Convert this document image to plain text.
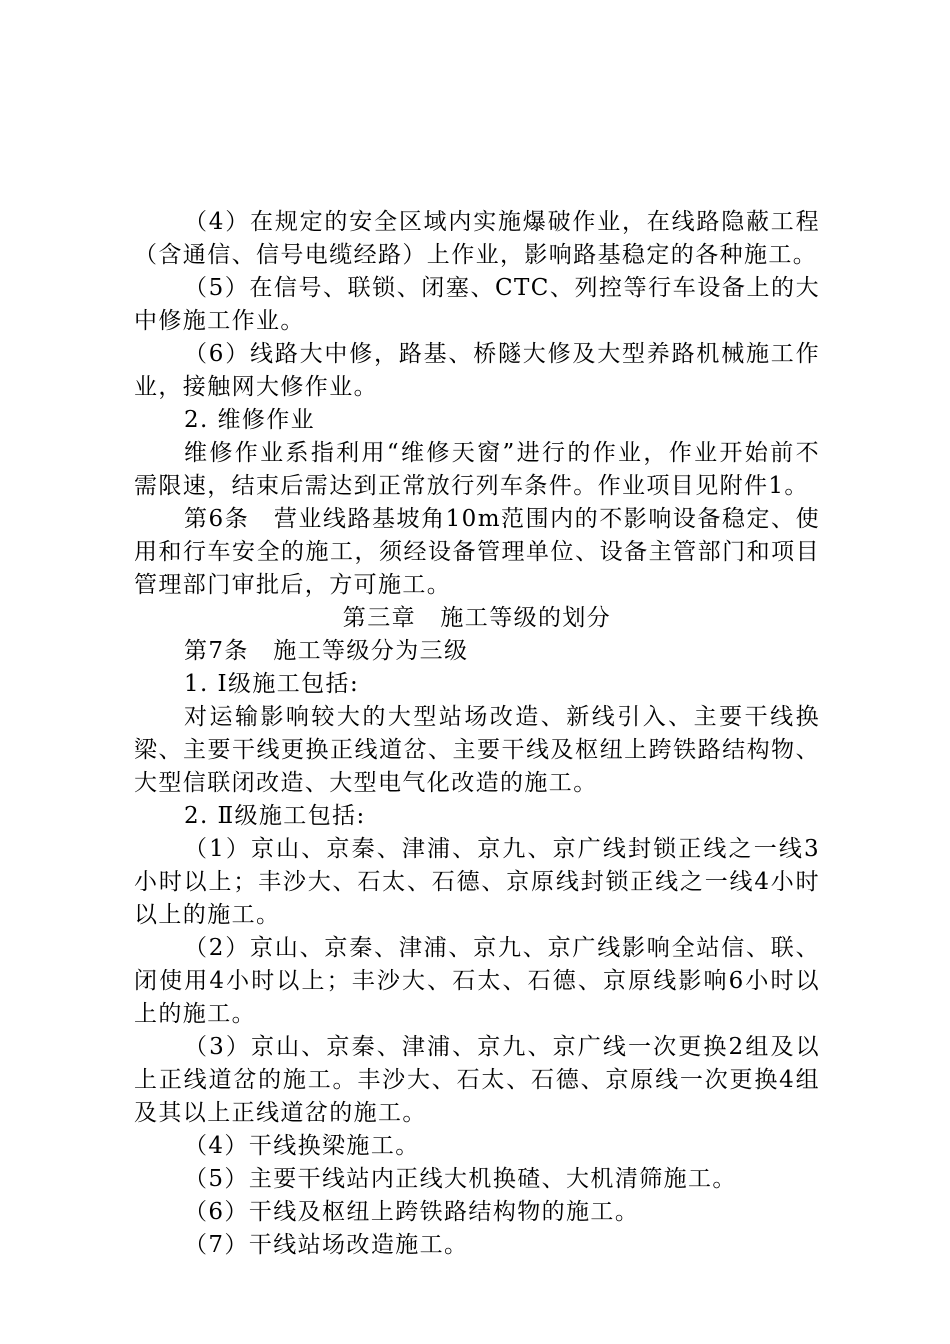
（4）在规定的安全区域内实施爆破作业，在线路隐蔽工程（含通信、信号电缆经路）上作业，影响路基稳定的各种施工。

（5）在信号、联锁、闭塞、CTC、列控等行车设备上的大中修施工作业。

（6）线路大中修，路基、桥隧大修及大型养路机械施工作业，接触网大修作业。

2. 维修作业

维修作业系指利用“维修天窗”进行的作业，作业开始前不需限速，结束后需达到正常放行列车条件。作业项目见附件1。

第6条　营业线路基坡角10m范围内的不影响设备稳定、使用和行车安全的施工，须经设备管理单位、设备主管部门和项目管理部门审批后，方可施工。

第三章　施工等级的划分

第7条　施工等级分为三级

1. Ⅰ级施工包括:

对运输影响较大的大型站场改造、新线引入、主要干线换梁、主要干线更换正线道岔、主要干线及枢纽上跨铁路结构物、大型信联闭改造、大型电气化改造的施工。

2. Ⅱ级施工包括:

（1）京山、京秦、津浦、京九、京广线封锁正线之一线3小时以上；丰沙大、石太、石德、京原线封锁正线之一线4小时以上的施工。

（2）京山、京秦、津浦、京九、京广线影响全站信、联、闭使用4小时以上；丰沙大、石太、石德、京原线影响6小时以上的施工。

（3）京山、京秦、津浦、京九、京广线一次更换2组及以上正线道岔的施工。丰沙大、石太、石德、京原线一次更换4组及其以上正线道岔的施工。

（4）干线换梁施工。

（5）主要干线站内正线大机换碴、大机清筛施工。

（6）干线及枢纽上跨铁路结构物的施工。

（7）干线站场改造施工。
